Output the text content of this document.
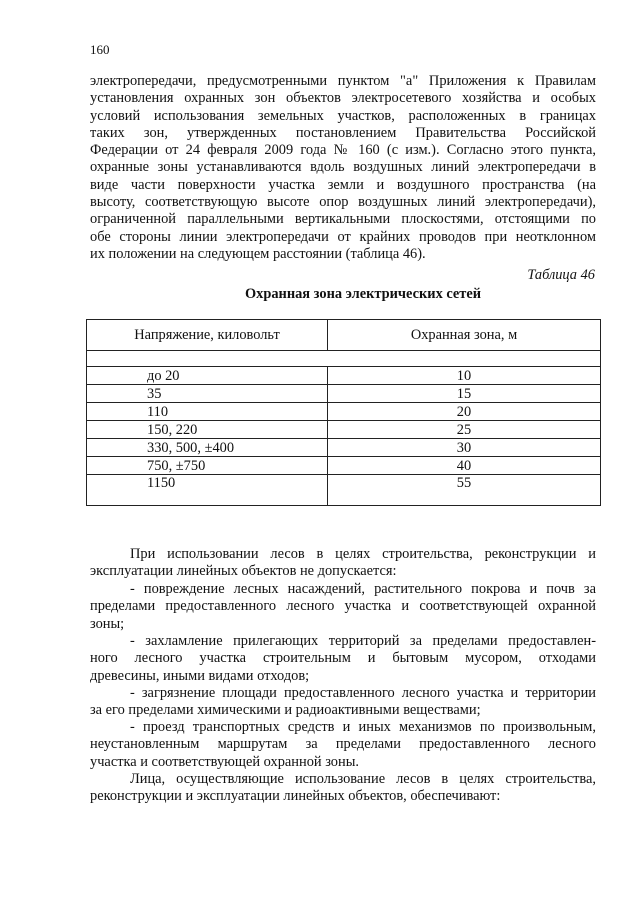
160
электропередачи, предусмотренными пунктом "а" Приложения к Правилам
установления охранных зон объектов электросетевого хозяйства и особых
условий использования земельных участков, расположенных в границах
таких зон, утвержденных постановлением Правительства Российской
Федерации от 24 февраля 2009 года № 160 (с изм.). Согласно этого пункта,
охранные зоны устанавливаются вдоль воздушных линий электропередачи в
виде части поверхности участка земли и воздушного пространства (на
высоту, соответствующую высоте опор воздушных линий электропередачи),
ограниченной параллельными вертикальными плоскостями, отстоящими по
обе стороны линии электропередачи от крайних проводов при неотклонном
их положении на следующем расстоянии (таблица 46).
Таблица 46
Охранная зона электрических сетей
Напряжение, киловольт	Охранная зона, м

до 20	10
35	15
110	20
150, 220	25
330, 500, ±400	30
750, ±750	40
1150	55
При использовании лесов в целях строительства, реконструкции и
эксплуатации линейных объектов не допускается:
- повреждение лесных насаждений, растительного покрова и почв за
пределами предоставленного лесного участка и соответствующей охранной
зоны;
- захламление прилегающих территорий за пределами предоставлен-
ного лесного участка строительным и бытовым мусором, отходами
древесины, иными видами отходов;
- загрязнение площади предоставленного лесного участка и территории
за его пределами химическими и радиоактивными веществами;
- проезд транспортных средств и иных механизмов по произвольным,
неустановленным маршрутам за пределами предоставленного лесного
участка и соответствующей охранной зоны.
Лица, осуществляющие использование лесов в целях строительства,
реконструкции и эксплуатации линейных объектов, обеспечивают:
